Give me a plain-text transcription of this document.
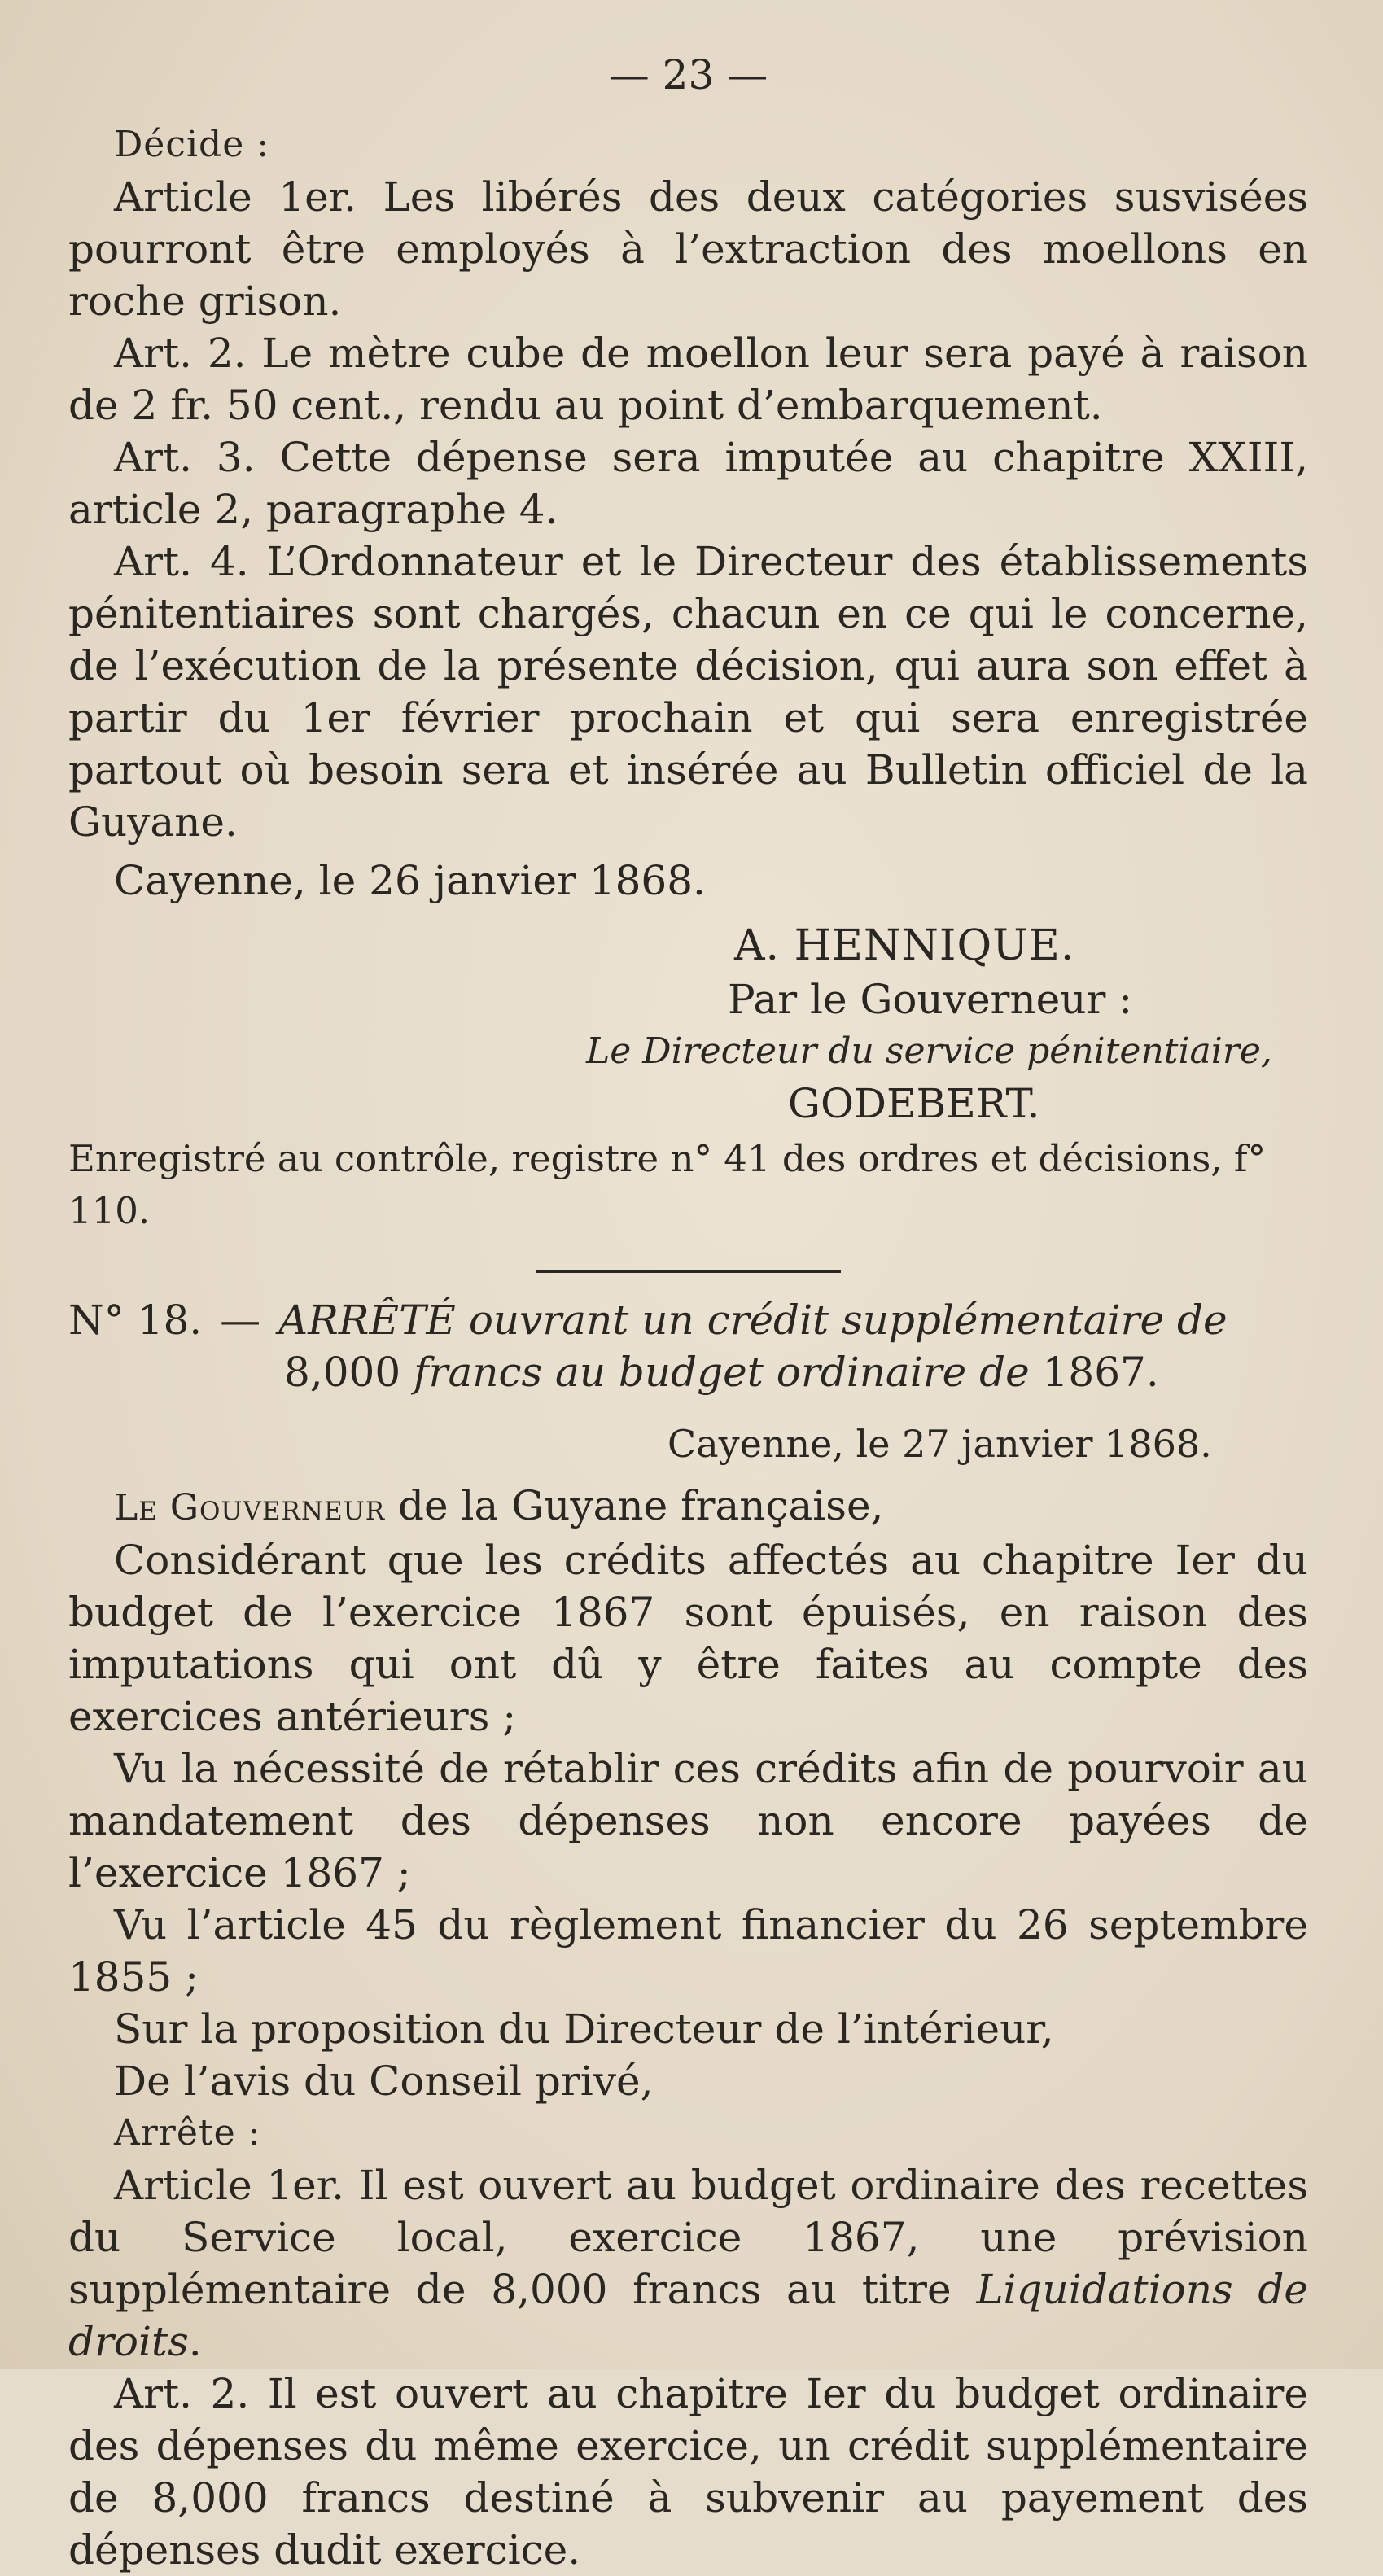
— 23 —
Décide :

Article 1er. Les libérés des deux catégories susvisées pourront être employés à l’extraction des moellons en roche grison.

Art. 2. Le mètre cube de moellon leur sera payé à raison de 2 fr. 50 cent., rendu au point d’embarquement.

Art. 3. Cette dépense sera imputée au chapitre XXIII, article 2, paragraphe 4.

Art. 4. L’Ordonnateur et le Directeur des établissements pénitentiaires sont chargés, chacun en ce qui le concerne, de l’exécution de la présente décision, qui aura son effet à partir du 1er février prochain et qui sera enregistrée partout où besoin sera et insérée au Bulletin officiel de la Guyane.

Cayenne, le 26 janvier 1868.

A. HENNIQUE.
Par le Gouverneur :
Le Directeur du service pénitentiaire,
GODEBERT.

Enregistré au contrôle, registre n° 41 des ordres et décisions, f° 110.

N° 18. — ARRÊTÉ ouvrant un crédit supplémentaire de
8,000 francs au budget ordinaire de 1867.
Cayenne, le 27 janvier 1868.

Le Gouverneur de la Guyane française,

Considérant que les crédits affectés au chapitre Ier du budget de l’exercice 1867 sont épuisés, en raison des imputations qui ont dû y être faites au compte des exercices antérieurs ;

Vu la nécessité de rétablir ces crédits afin de pourvoir au mandatement des dépenses non encore payées de l’exercice 1867 ;

Vu l’article 45 du règlement financier du 26 septembre 1855 ;

Sur la proposition du Directeur de l’intérieur,

De l’avis du Conseil privé,

Arrête :

Article 1er. Il est ouvert au budget ordinaire des recettes du Service local, exercice 1867, une prévision supplémentaire de 8,000 francs au titre Liquidations de droits.

Art. 2. Il est ouvert au chapitre Ier du budget ordinaire des dépenses du même exercice, un crédit supplémentaire de 8,000 francs destiné à subvenir au payement des dépenses dudit exercice.
